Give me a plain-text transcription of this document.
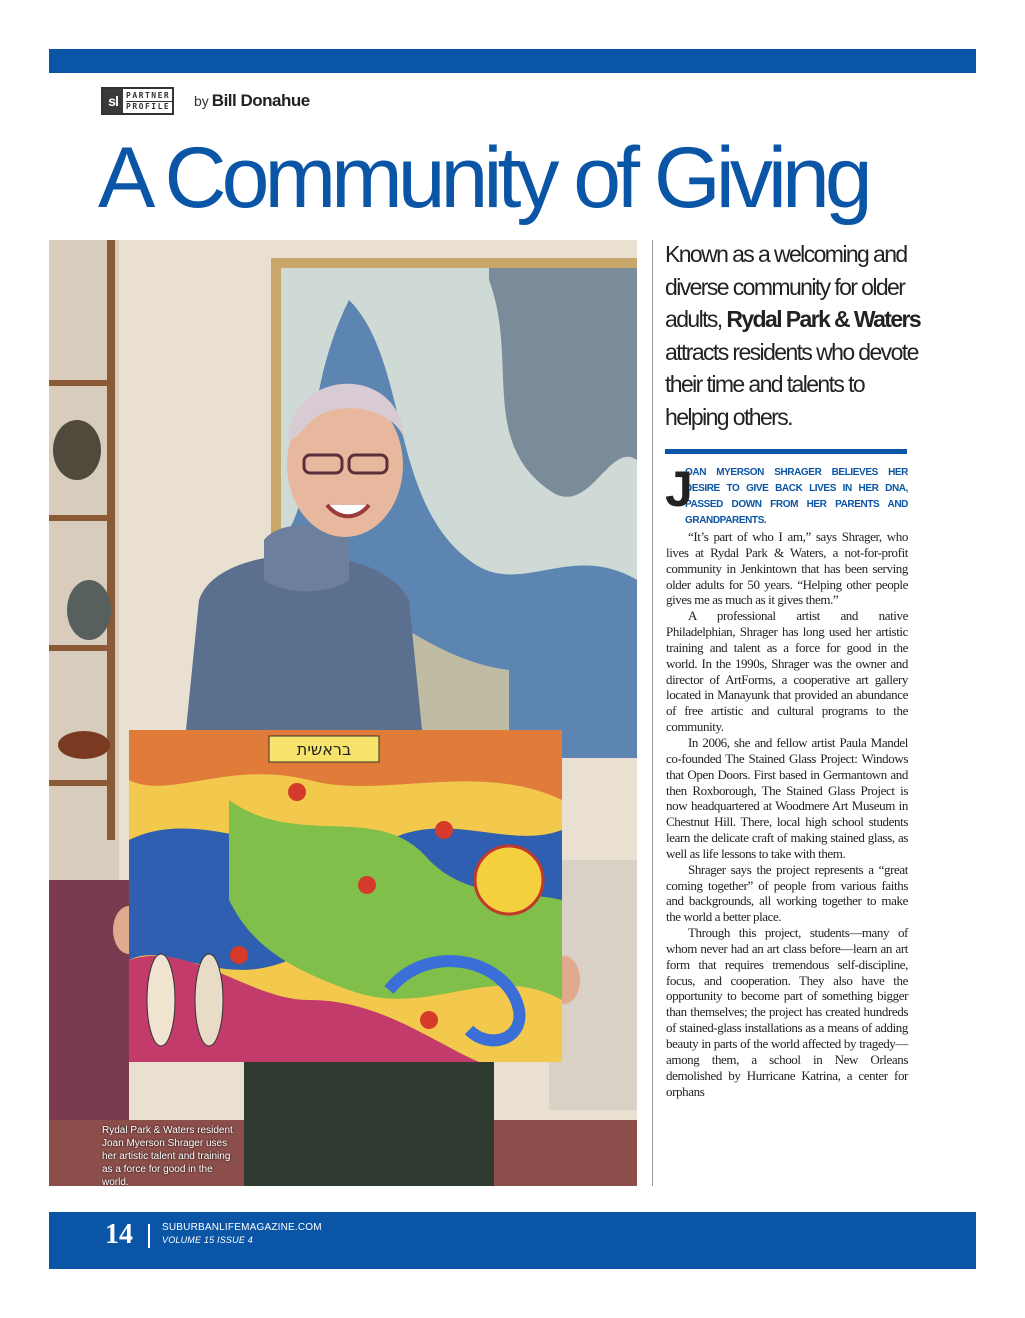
sl	PARTNER
PROFILE by Bill Donahue
A Community of Giving
בראשית
Rydal Park & Waters resident Joan Myerson Shrager uses her artistic talent and training as a force for good in the world.
Known as a welcoming and diverse community for older adults, Rydal Park & Waters attracts residents who devote their time and talents to helping others.
J
OAN MYERSON SHRAGER BELIEVES HER DESIRE TO GIVE BACK LIVES IN HER DNA, PASSED DOWN FROM HER PARENTS AND GRANDPARENTS.

“It’s part of who I am,” says Shrager, who lives at Rydal Park & Waters, a not-for-profit community in Jenkintown that has been serving older adults for 50 years. “Helping other people gives me as much as it gives them.”

A professional artist and native Philadelphian, Shrager has long used her artistic training and talent as a force for good in the world. In the 1990s, Shrager was the owner and director of ArtForms, a cooperative art gallery located in Manayunk that provided an abundance of free artistic and cultural programs to the community.

In 2006, she and fellow artist Paula Mandel co-founded The Stained Glass Project: Windows that Open Doors. First based in Germantown and then Roxborough, The Stained Glass Project is now headquartered at Woodmere Art Museum in Chestnut Hill. There, local high school students learn the delicate craft of making stained glass, as well as life lessons to take with them.

Shrager says the project represents a “great coming together” of people from various faiths and backgrounds, all working together to make the world a better place.

Through this project, students—many of whom never had an art class before—learn an art form that requires tremendous self-discipline, focus, and cooperation. They also have the opportunity to become part of something bigger than themselves; the project has created hundreds of stained-glass installations as a means of adding beauty in parts of the world affected by tragedy—among them, a school in New Orleans demolished by Hurricane Katrina, a center for orphans

14	SUBURBANLIFEMAGAZINE.COM
VOLUME 15 ISSUE 4
